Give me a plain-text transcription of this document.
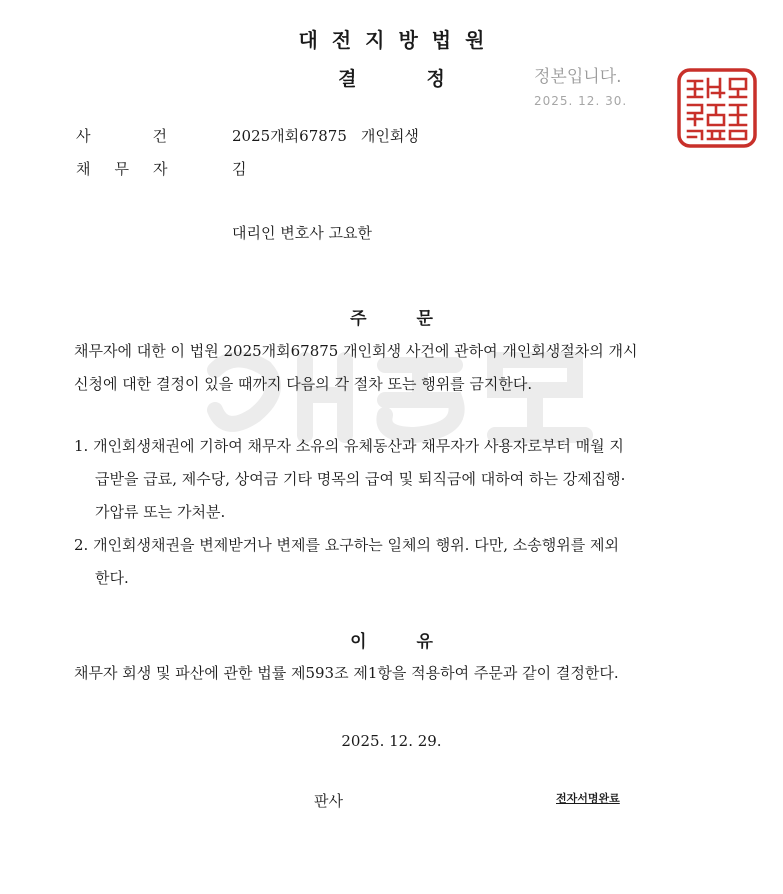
대전지방법원
결	정	정본입니다.
2025. 12. 30.
사	건	2025개회67875 개인회생
채 무 자	김
대리인 변호사 고요한
주	문
채무자에 대한 이 법원 2025개회67875 개인회생 사건에 관하여 개인회생절차의 개시
신청에 대한 결정이 있을 때까지 다음의 각 절차 또는 행위를 금지한다.
1. 개인회생채권에 기하여 채무자 소유의 유체동산과 채무자가 사용자로부터 매월 지
급받을 급료, 제수당, 상여금 기타 명목의 급여 및 퇴직금에 대하여 하는 강제집행·
가압류 또는 가처분.
2. 개인회생채권을 변제받거나 변제를 요구하는 일체의 행위. 다만, 소송행위를 제외
한다.
이	유
채무자 회생 및 파산에 관한 법률 제593조 제1항을 적용하여 주문과 같이 결정한다.
2025. 12. 29.
판사	전자서명완료
